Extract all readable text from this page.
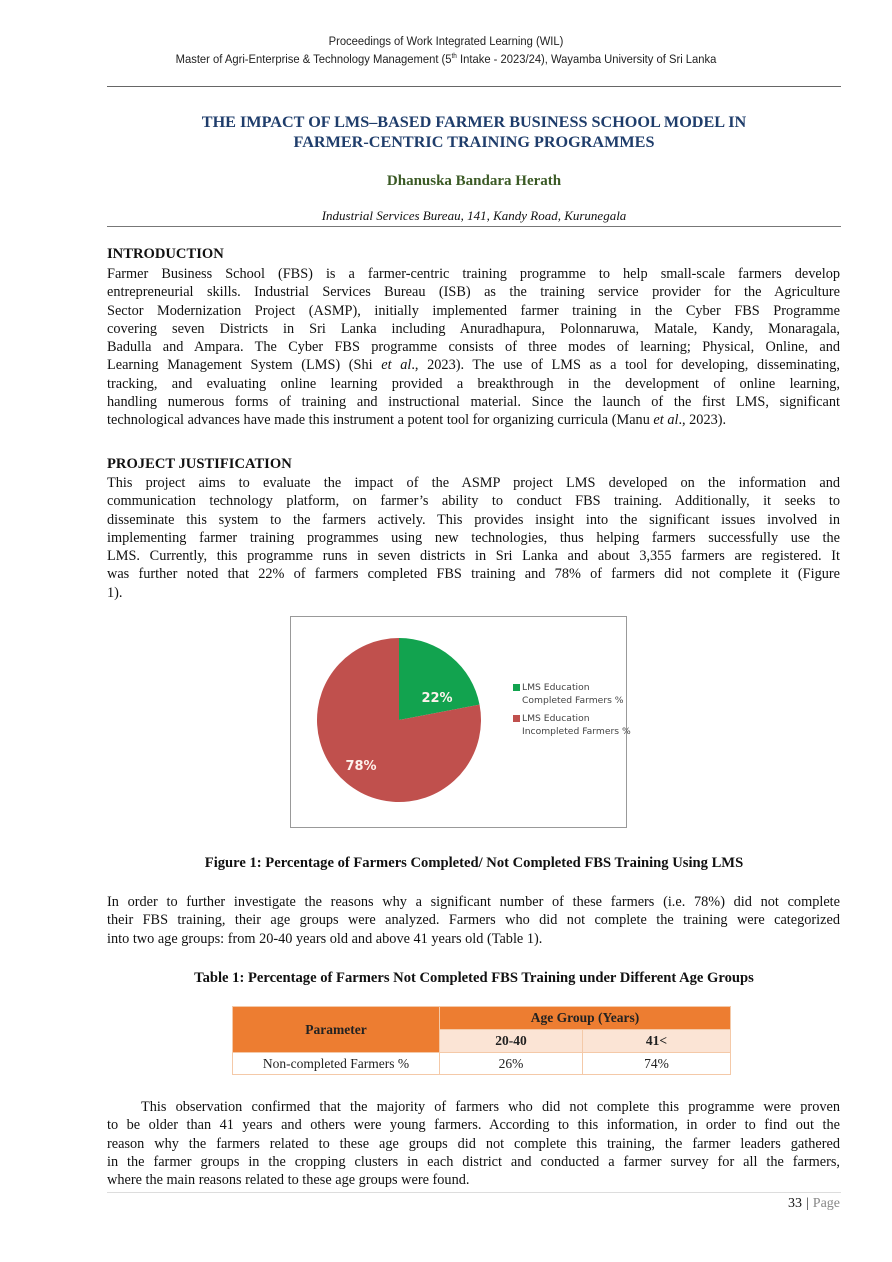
Proceedings of Work Integrated Learning (WIL)
Master of Agri-Enterprise & Technology Management (5th Intake - 2023/24), Wayamba University of Sri Lanka
THE IMPACT OF LMS–BASED FARMER BUSINESS SCHOOL MODEL IN
FARMER-CENTRIC TRAINING PROGRAMMES
Dhanuska Bandara Herath
Industrial Services Bureau, 141, Kandy Road, Kurunegala
INTRODUCTION
Farmer Business School (FBS) is a farmer-centric training programme to help small-scale farmers develop
entrepreneurial skills. Industrial Services Bureau (ISB) as the training service provider for the Agriculture
Sector Modernization Project (ASMP), initially implemented farmer training in the Cyber FBS Programme
covering seven Districts in Sri Lanka including Anuradhapura, Polonnaruwa, Matale, Kandy, Monaragala,
Badulla and Ampara. The Cyber FBS programme consists of three modes of learning; Physical, Online, and
Learning Management System (LMS) (Shi et al., 2023). The use of LMS as a tool for developing, disseminating,
tracking, and evaluating online learning provided a breakthrough in the development of online learning,
handling numerous forms of training and instructional material. Since the launch of the first LMS, significant
technological advances have made this instrument a potent tool for organizing curricula (Manu et al., 2023).
PROJECT JUSTIFICATION
This project aims to evaluate the impact of the ASMP project LMS developed on the information and
communication technology platform, on farmer’s ability to conduct FBS training. Additionally, it seeks to
disseminate this system to the farmers actively. This provides insight into the significant issues involved in
implementing farmer training programmes using new technologies, thus helping farmers successfully use the
LMS. Currently, this programme runs in seven districts in Sri Lanka and about 3,355 farmers are registered. It
was further noted that 22% of farmers completed FBS training and 78% of farmers did not complete it (Figure
1).
22%
78%
LMS Education Completed Farmers %
LMS Education Incompleted Farmers %
Figure 1: Percentage of Farmers Completed/ Not Completed FBS Training Using LMS
In order to further investigate the reasons why a significant number of these farmers (i.e. 78%) did not complete
their FBS training, their age groups were analyzed. Farmers who did not complete the training were categorized
into two age groups: from 20-40 years old and above 41 years old (Table 1).
Table 1: Percentage of Farmers Not Completed FBS Training under Different Age Groups
Parameter	Age Group (Years)	
	20-40	41<
Non-completed Farmers %	26%	74%
This observation confirmed that the majority of farmers who did not complete this programme were proven
to be older than 41 years and others were young farmers. According to this information, in order to find out the
reason why the farmers related to these age groups did not complete this training, the farmer leaders gathered
in the farmer groups in the cropping clusters in each district and conducted a farmer survey for all the farmers,
where the main reasons related to these age groups were found.
33 | Page
